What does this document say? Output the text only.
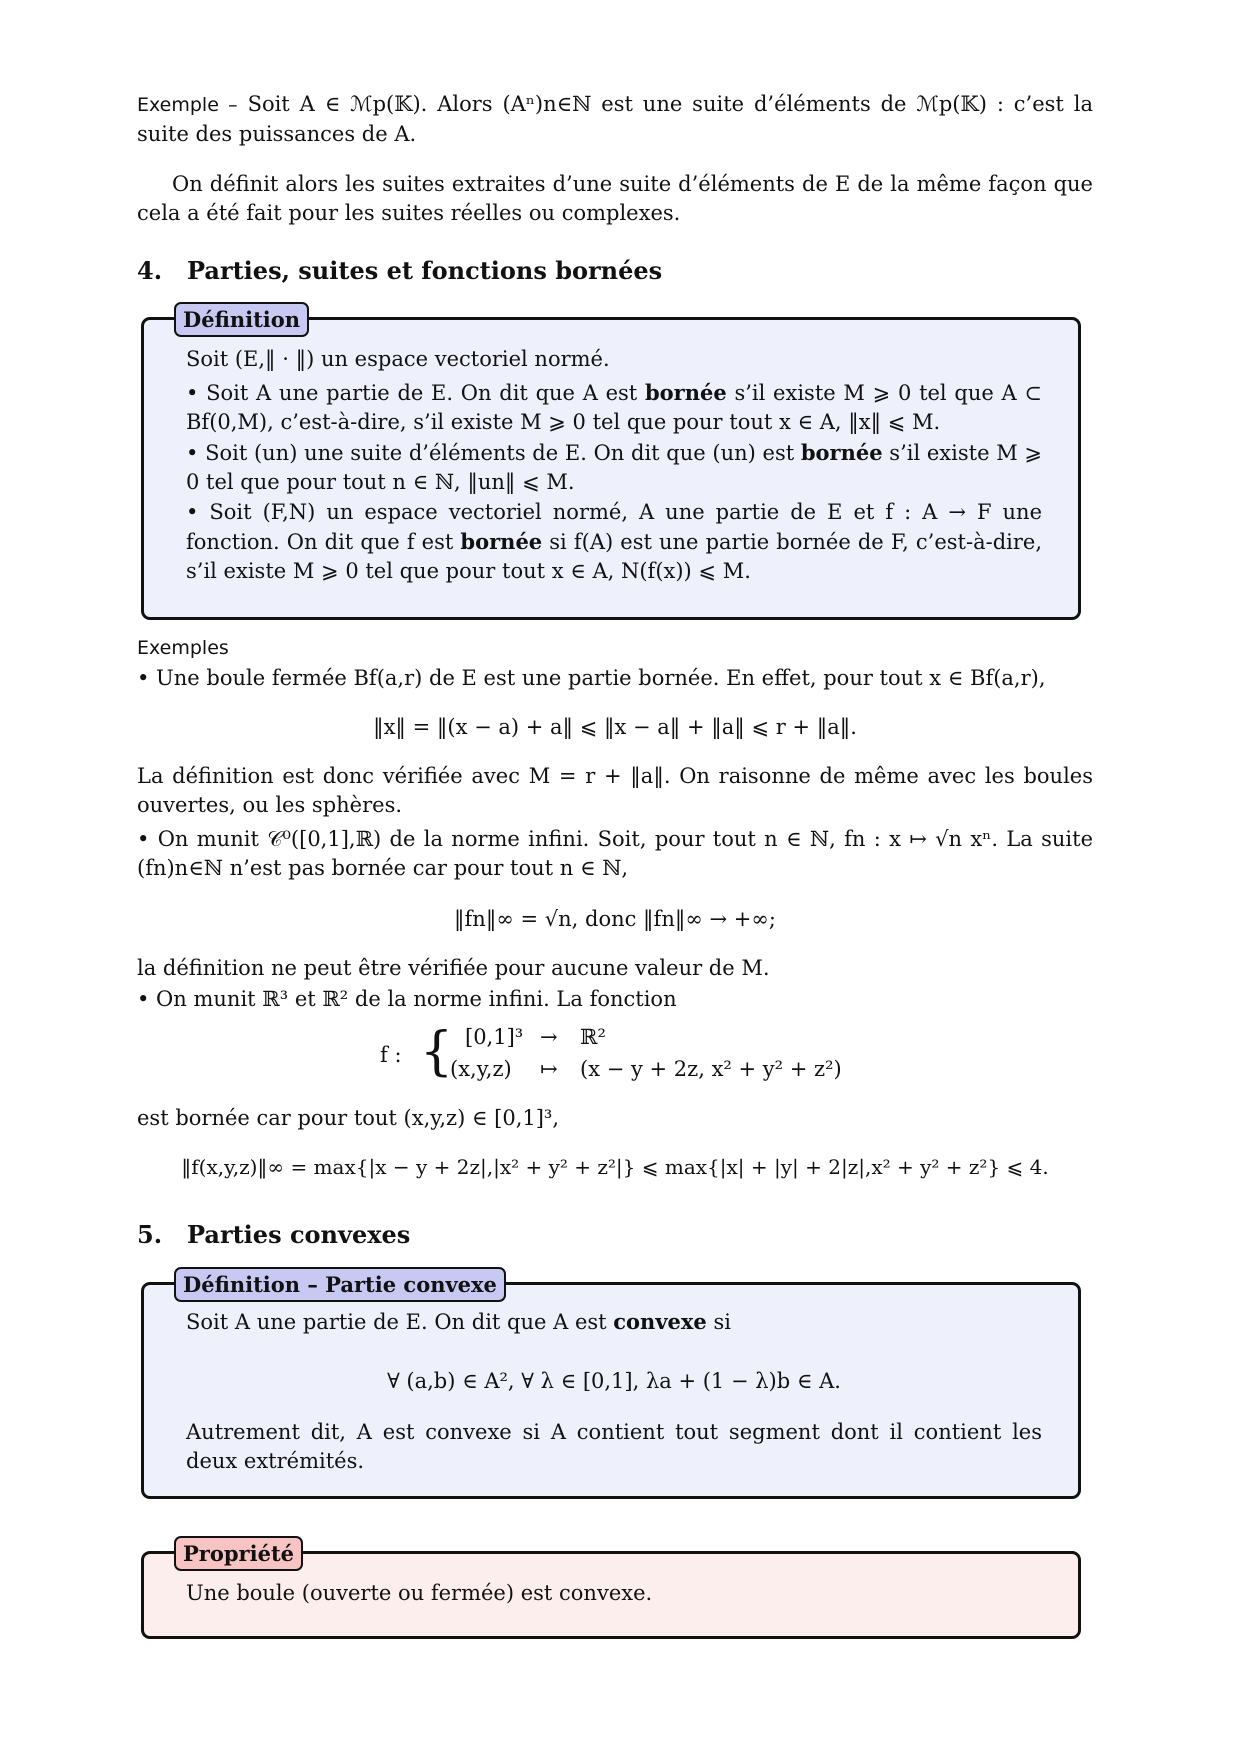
Exemple – Soit A ∈ ℳp(𝕂). Alors (Aⁿ)n∈ℕ est une suite d’éléments de ℳp(𝕂) : c’est la suite des puissances de A.

On définit alors les suites extraites d’une suite d’éléments de E de la même façon que cela a été fait pour les suites réelles ou complexes.

4. Parties, suites et fonctions bornées
Définition

Soit (E,‖ · ‖) un espace vectoriel normé.

• Soit A une partie de E. On dit que A est bornée s’il existe M ⩾ 0 tel que A ⊂ Bf(0,M), c’est-à-dire, s’il existe M ⩾ 0 tel que pour tout x ∈ A, ‖x‖ ⩽ M.

• Soit (un) une suite d’éléments de E. On dit que (un) est bornée s’il existe M ⩾ 0 tel que pour tout n ∈ ℕ, ‖un‖ ⩽ M.

• Soit (F,N) un espace vectoriel normé, A une partie de E et f : A → F une fonction. On dit que f est bornée si f(A) est une partie bornée de F, c’est-à-dire, s’il existe M ⩾ 0 tel que pour tout x ∈ A, N(f(x)) ⩽ M.

Exemples

• Une boule fermée Bf(a,r) de E est une partie bornée. En effet, pour tout x ∈ Bf(a,r),

‖x‖ = ‖(x − a) + a‖ ⩽ ‖x − a‖ + ‖a‖ ⩽ r + ‖a‖.

La définition est donc vérifiée avec M = r + ‖a‖. On raisonne de même avec les boules ouvertes, ou les sphères.

• On munit 𝒞⁰([0,1],ℝ) de la norme infini. Soit, pour tout n ∈ ℕ, fn : x ↦ √n xⁿ. La suite (fn)n∈ℕ n’est pas bornée car pour tout n ∈ ℕ,

‖fn‖∞ = √n, donc ‖fn‖∞ → +∞;

la définition ne peut être vérifiée pour aucune valeur de M.

• On munit ℝ³ et ℝ² de la norme infini. La fonction

f : { [0,1]³ → ℝ²
(x,y,z) ↦ (x − y + 2z, x² + y² + z²)

est bornée car pour tout (x,y,z) ∈ [0,1]³,

‖f(x,y,z)‖∞ = max{|x − y + 2z|,|x² + y² + z²|} ⩽ max{|x| + |y| + 2|z|,x² + y² + z²} ⩽ 4.

5. Parties convexes
Définition – Partie convexe

Soit A une partie de E. On dit que A est convexe si

∀ (a,b) ∈ A², ∀ λ ∈ [0,1], λa + (1 − λ)b ∈ A.

Autrement dit, A est convexe si A contient tout segment dont il contient les deux extrémités.

Propriété

Une boule (ouverte ou fermée) est convexe.
